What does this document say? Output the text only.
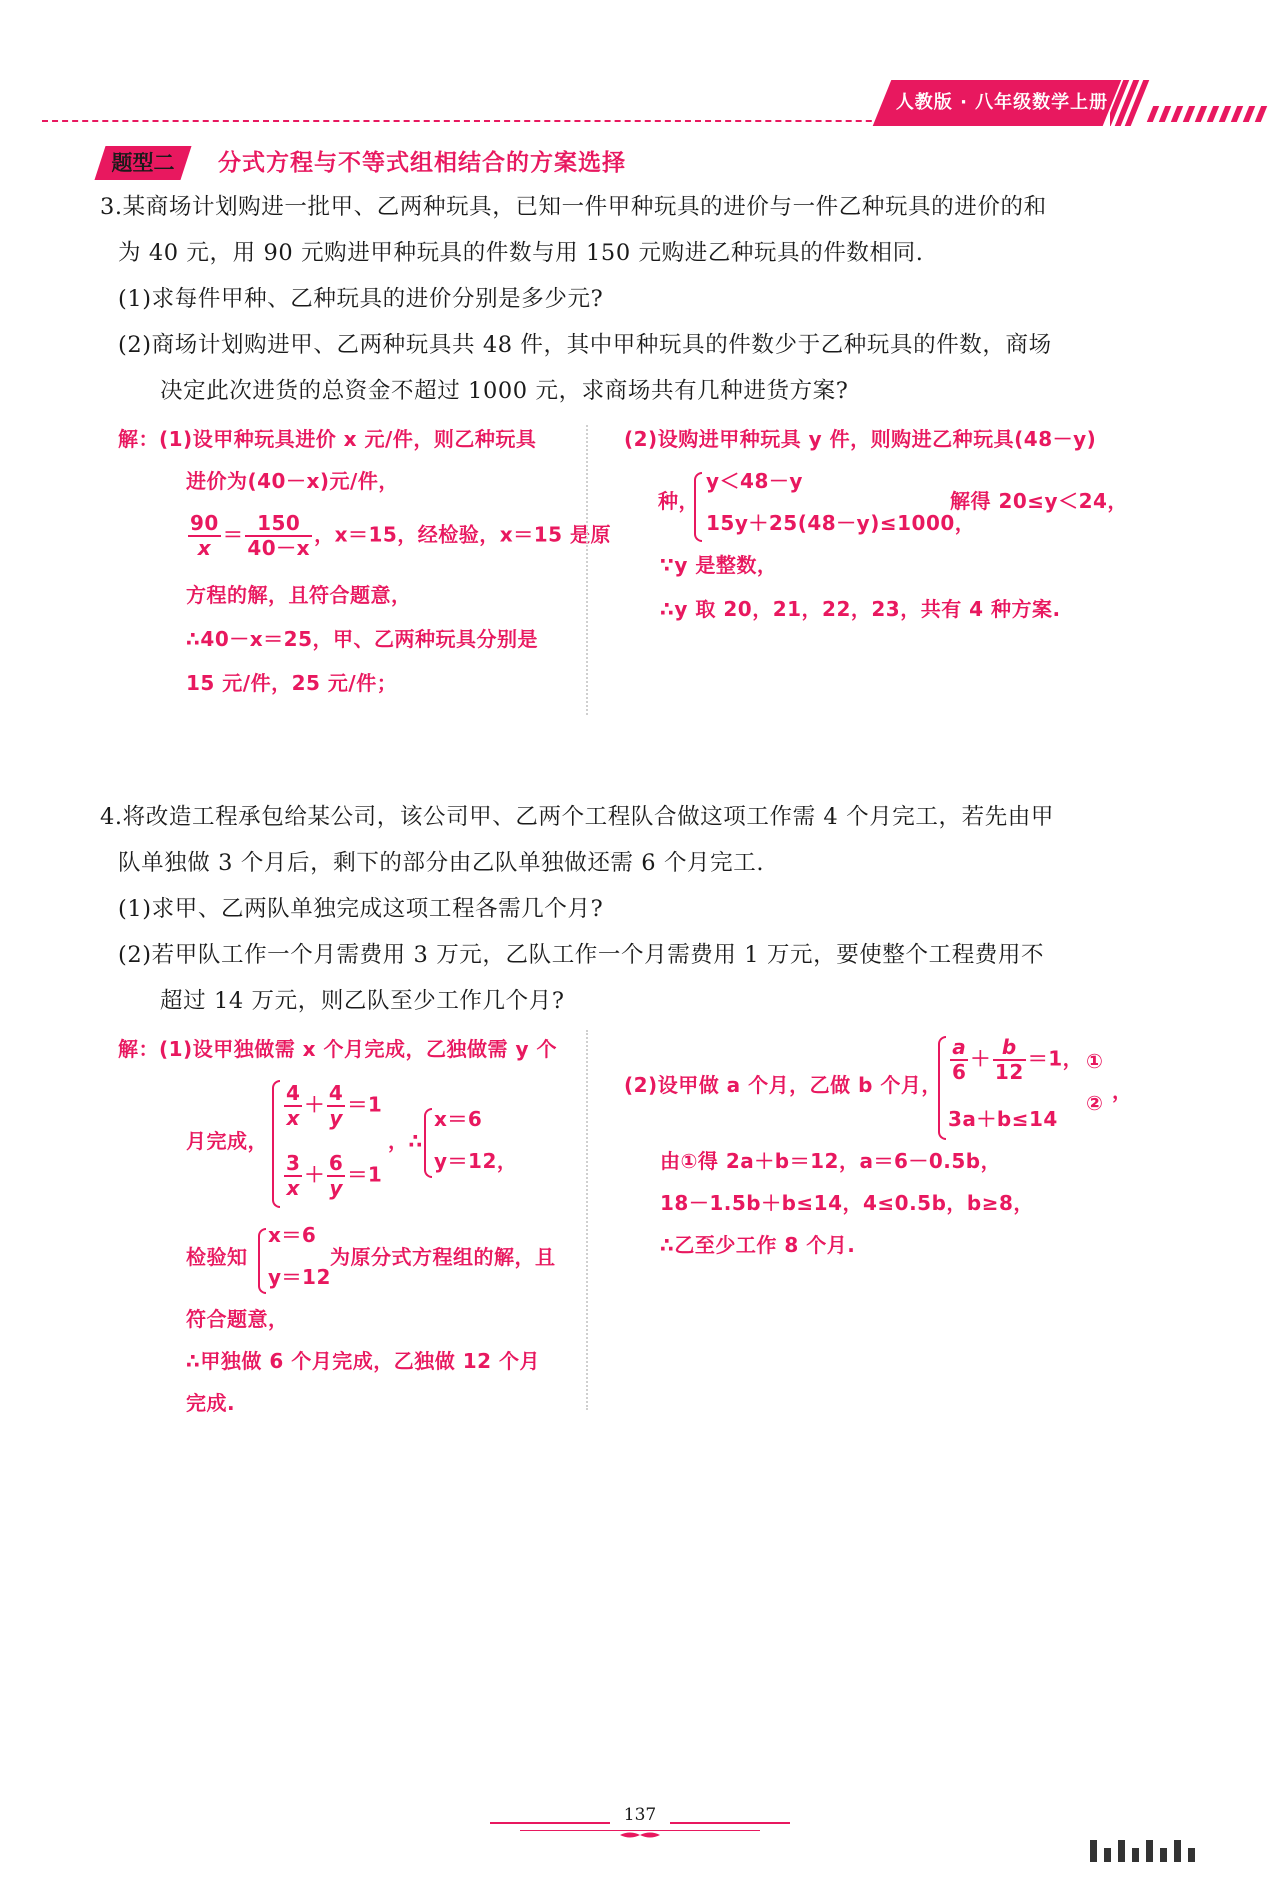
人教版 · 八年级数学上册
题型二	分式方程与不等式组相结合的方案选择
3.某商场计划购进一批甲、乙两种玩具，已知一件甲种玩具的进价与一件乙种玩具的进价的和
为 40 元，用 90 元购进甲种玩具的件数与用 150 元购进乙种玩具的件数相同.
(1)求每件甲种、乙种玩具的进价分别是多少元?
(2)商场计划购进甲、乙两种玩具共 48 件，其中甲种玩具的件数少于乙种玩具的件数，商场
决定此次进货的总资金不超过 1000 元，求商场共有几种进货方案?
解：(1)设甲种玩具进价 x 元/件，则乙种玩具
进价为(40－x)元/件，
$\frac{90}{x} = \frac{150}{40-x}$ ，x＝15，经检验，x＝15 是原
方程的解，且符合题意，
∴40－x＝25，甲、乙两种玩具分别是
15 元/件，25 元/件；
(2)设购进甲种玩具 y 件，则购进乙种玩具(48－y)
种，
y＜48－y
15y＋25(48－y)≤1000，
解得 20≤y＜24，
∵y 是整数，
∴y 取 20，21，22，23，共有 4 种方案.
4.将改造工程承包给某公司，该公司甲、乙两个工程队合做这项工作需 4 个月完工，若先由甲
队单独做 3 个月后，剩下的部分由乙队单独做还需 6 个月完工.
(1)求甲、乙两队单独完成这项工程各需几个月?
(2)若甲队工作一个月需费用 3 万元，乙队工作一个月需费用 1 万元，要使整个工程费用不
超过 14 万元，则乙队至少工作几个月?
解：(1)设甲独做需 x 个月完成，乙独做需 y 个
月完成，
$\frac{4}{x} + \frac{4}{y} =1$
$\frac{3}{x} + \frac{6}{y} =1$
，∴
x＝6
y＝12，
检验知
x＝6
y＝12
为原分式方程组的解，且
符合题意，
∴甲独做 6 个月完成，乙独做 12 个月
完成.
(2)设甲做 a 个月，乙做 b 个月，
$\frac{a}{6} + \frac{b}{12} =1$，
3a＋b≤14
①
② ，
由①得 2a＋b＝12，a＝6－0.5b，
18－1.5b＋b≤14，4≤0.5b，b≥8，
∴乙至少工作 8 个月.
137
